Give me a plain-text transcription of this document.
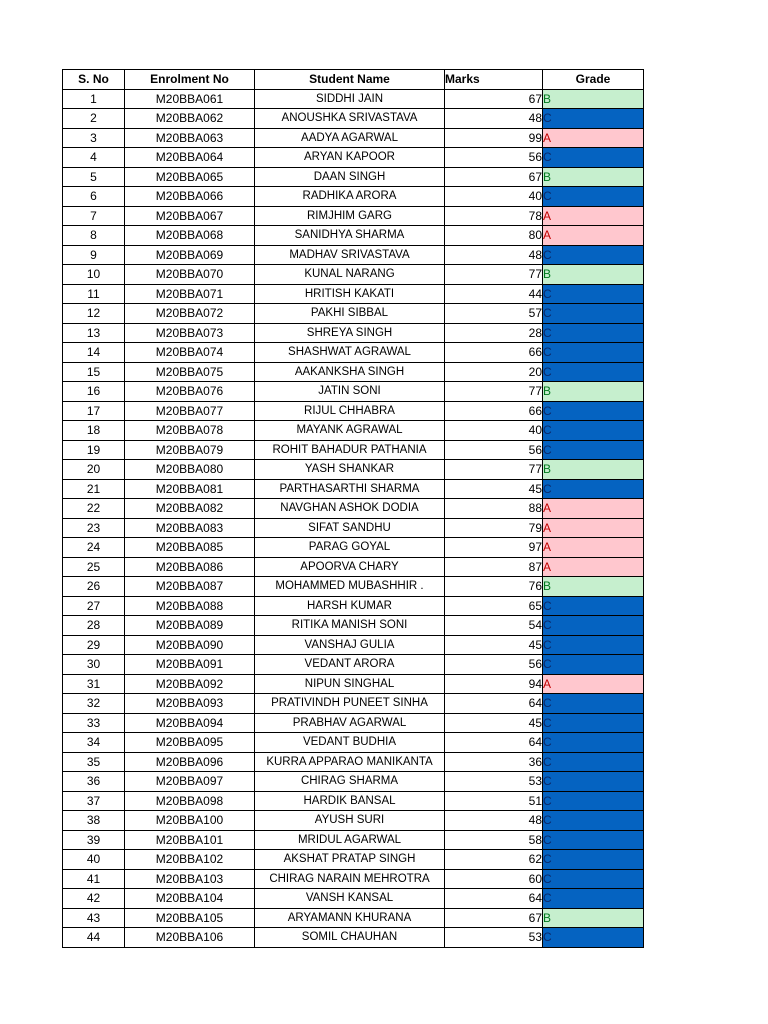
S. No	Enrolment No	Student Name	Marks	Grade
1	M20BBA061	SIDDHI JAIN	67	B
2	M20BBA062	ANOUSHKA SRIVASTAVA	48	C
3	M20BBA063	AADYA AGARWAL	99	A
4	M20BBA064	ARYAN KAPOOR	56	C
5	M20BBA065	DAAN SINGH	67	B
6	M20BBA066	RADHIKA ARORA	40	C
7	M20BBA067	RIMJHIM GARG	78	A
8	M20BBA068	SANIDHYA SHARMA	80	A
9	M20BBA069	MADHAV SRIVASTAVA	48	C
10	M20BBA070	KUNAL NARANG	77	B
11	M20BBA071	HRITISH KAKATI	44	C
12	M20BBA072	PAKHI SIBBAL	57	C
13	M20BBA073	SHREYA SINGH	28	C
14	M20BBA074	SHASHWAT AGRAWAL	66	C
15	M20BBA075	AAKANKSHA SINGH	20	C
16	M20BBA076	JATIN SONI	77	B
17	M20BBA077	RIJUL CHHABRA	66	C
18	M20BBA078	MAYANK AGRAWAL	40	C
19	M20BBA079	ROHIT BAHADUR PATHANIA	56	C
20	M20BBA080	YASH SHANKAR	77	B
21	M20BBA081	PARTHASARTHI SHARMA	45	C
22	M20BBA082	NAVGHAN ASHOK DODIA	88	A
23	M20BBA083	SIFAT SANDHU	79	A
24	M20BBA085	PARAG GOYAL	97	A
25	M20BBA086	APOORVA CHARY	87	A
26	M20BBA087	MOHAMMED MUBASHHIR .	76	B
27	M20BBA088	HARSH KUMAR	65	C
28	M20BBA089	RITIKA MANISH SONI	54	C
29	M20BBA090	VANSHAJ GULIA	45	C
30	M20BBA091	VEDANT ARORA	56	C
31	M20BBA092	NIPUN SINGHAL	94	A
32	M20BBA093	PRATIVINDH PUNEET SINHA	64	C
33	M20BBA094	PRABHAV AGARWAL	45	C
34	M20BBA095	VEDANT BUDHIA	64	C
35	M20BBA096	KURRA APPARAO MANIKANTA	36	C
36	M20BBA097	CHIRAG SHARMA	53	C
37	M20BBA098	HARDIK BANSAL	51	C
38	M20BBA100	AYUSH SURI	48	C
39	M20BBA101	MRIDUL AGARWAL	58	C
40	M20BBA102	AKSHAT PRATAP SINGH	62	C
41	M20BBA103	CHIRAG NARAIN MEHROTRA	60	C
42	M20BBA104	VANSH KANSAL	64	C
43	M20BBA105	ARYAMANN KHURANA	67	B
44	M20BBA106	SOMIL CHAUHAN	53	C
